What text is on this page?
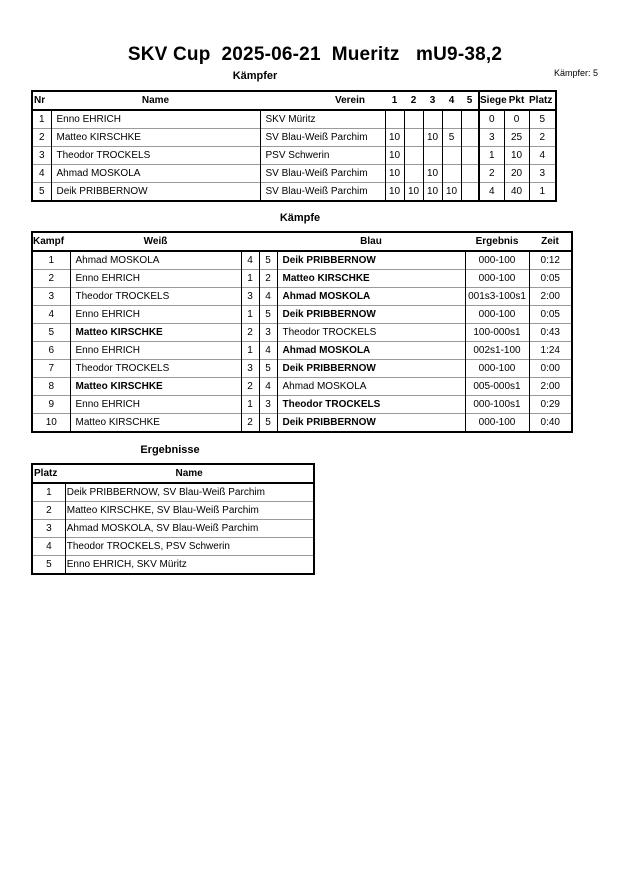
SKV Cup 2025-06-21 Mueritz mU9-38,2
Kämpfer	Kämpfer: 5
Nr	Name	Verein	1	2	3	4	5	Siege	Pkt	Platz
1	Enno EHRICH	SKV Müritz						0	0	5
2	Matteo KIRSCHKE	SV Blau-Weiß Parchim	10		10	5		3	25	2
3	Theodor TROCKELS	PSV Schwerin	10					1	10	4
4	Ahmad MOSKOLA	SV Blau-Weiß Parchim	10		10			2	20	3
5	Deik PRIBBERNOW	SV Blau-Weiß Parchim	10	10	10	10		4	40	1
Kämpfe
Kampf	Weiß			Blau	Ergebnis	Zeit
1	Ahmad MOSKOLA	4	5	Deik PRIBBERNOW	000-100	0:12
2	Enno EHRICH	1	2	Matteo KIRSCHKE	000-100	0:05
3	Theodor TROCKELS	3	4	Ahmad MOSKOLA	001s3-100s1	2:00
4	Enno EHRICH	1	5	Deik PRIBBERNOW	000-100	0:05
5	Matteo KIRSCHKE	2	3	Theodor TROCKELS	100-000s1	0:43
6	Enno EHRICH	1	4	Ahmad MOSKOLA	002s1-100	1:24
7	Theodor TROCKELS	3	5	Deik PRIBBERNOW	000-100	0:00
8	Matteo KIRSCHKE	2	4	Ahmad MOSKOLA	005-000s1	2:00
9	Enno EHRICH	1	3	Theodor TROCKELS	000-100s1	0:29
10	Matteo KIRSCHKE	2	5	Deik PRIBBERNOW	000-100	0:40
Ergebnisse
Platz	Name
1	Deik PRIBBERNOW, SV Blau-Weiß Parchim
2	Matteo KIRSCHKE, SV Blau-Weiß Parchim
3	Ahmad MOSKOLA, SV Blau-Weiß Parchim
4	Theodor TROCKELS, PSV Schwerin
5	Enno EHRICH, SKV Müritz
